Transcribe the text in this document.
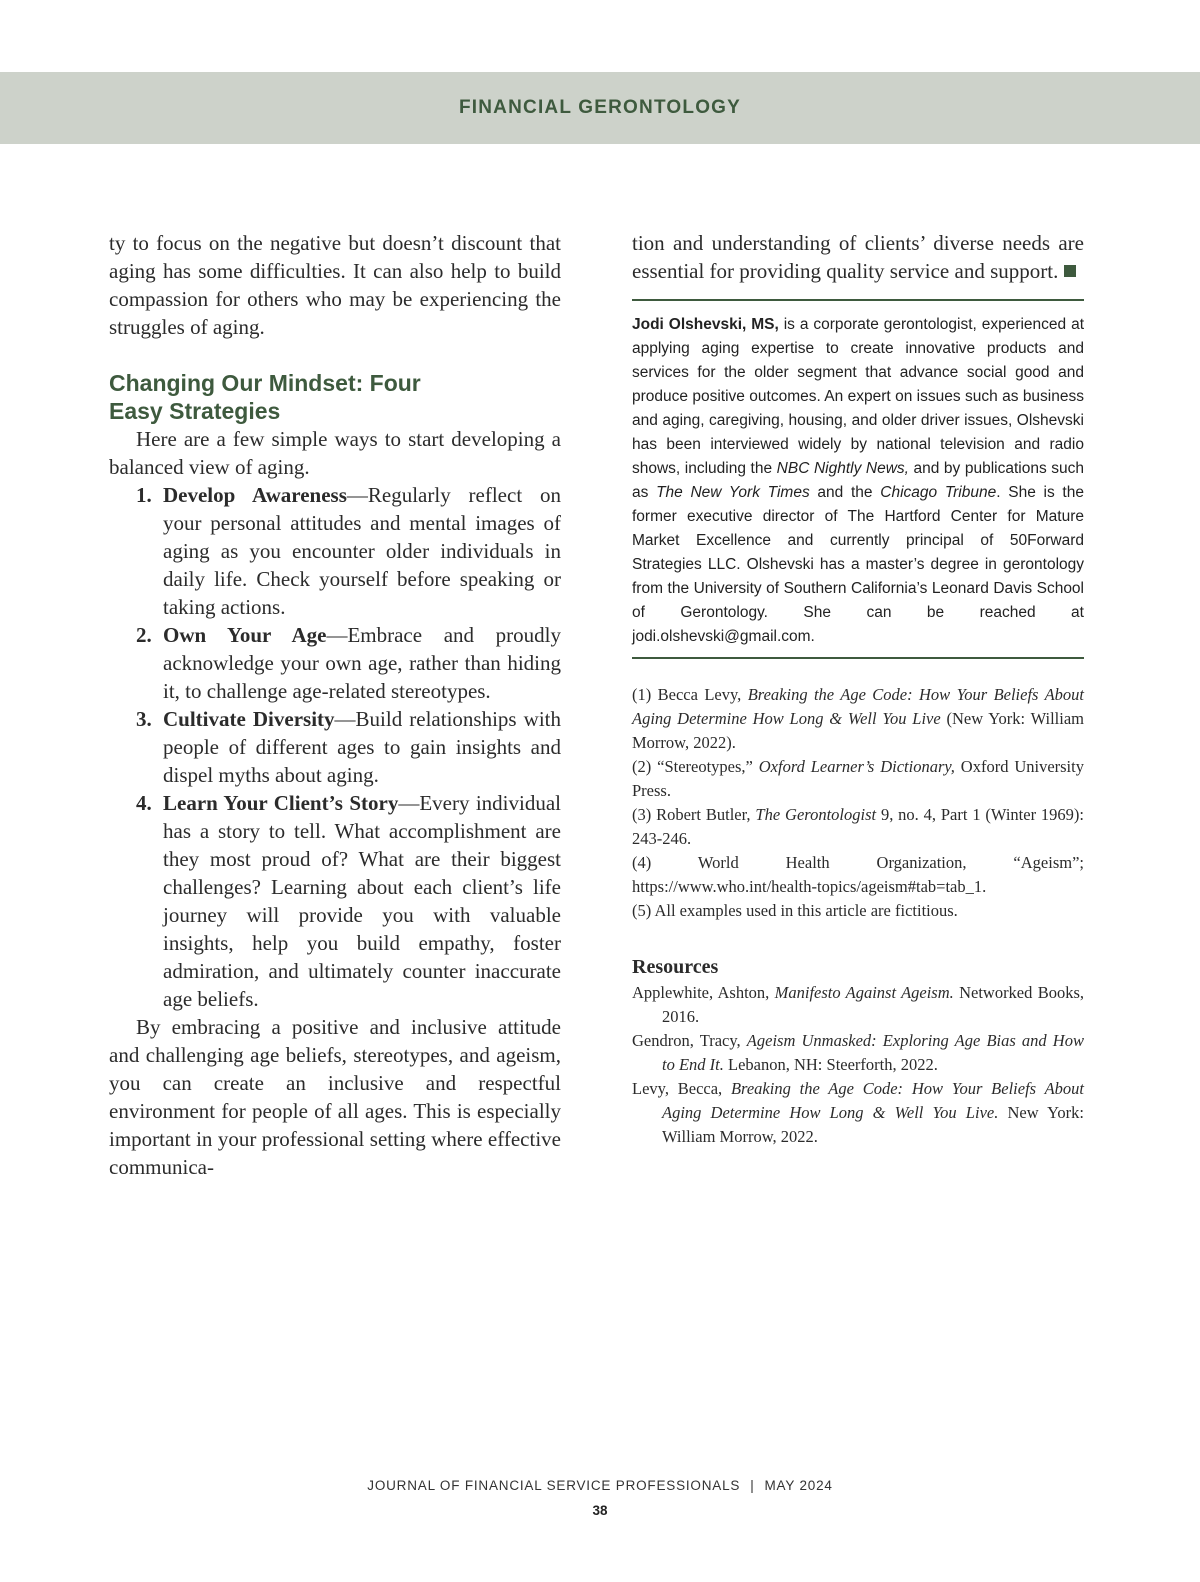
FINANCIAL GERONTOLOGY

ty to focus on the negative but doesn’t discount that aging has some difficulties. It can also help to build compassion for others who may be experiencing the struggles of aging.

Changing Our Mindset: Four
Easy Strategies

Here are a few simple ways to start developing a balanced view of aging.

1. Develop Awareness—Regularly reflect on your personal attitudes and mental images of aging as you encounter older individuals in daily life. Check yourself before speaking or taking actions.
2. Own Your Age—Embrace and proudly acknowledge your own age, rather than hiding it, to challenge age-related stereotypes.
3. Cultivate Diversity—Build relationships with people of different ages to gain insights and dispel myths about aging.
4. Learn Your Client’s Story—Every individual has a story to tell. What accomplishment are they most proud of? What are their biggest challenges? Learning about each client’s life journey will provide you with valuable insights, help you build empathy, foster admiration, and ultimately counter inaccurate age beliefs.

By embracing a positive and inclusive attitude and challenging age beliefs, stereotypes, and ageism, you can create an inclusive and respectful environment for people of all ages. This is especially important in your professional setting where effective communica-

tion and understanding of clients’ diverse needs are essential for providing quality service and support.

Jodi Olshevski, MS, is a corporate gerontologist, experienced at applying aging expertise to create innovative products and services for the older segment that advance social good and produce positive outcomes. An expert on issues such as business and aging, caregiving, housing, and older driver issues, Olshevski has been interviewed widely by national television and radio shows, including the NBC Nightly News, and by publications such as The New York Times and the Chicago Tribune. She is the former executive director of The Hartford Center for Mature Market Excellence and currently principal of 50Forward Strategies LLC. Olshevski has a master’s degree in gerontology from the University of Southern California’s Leonard Davis School of Gerontology. She can be reached at jodi.olshevski@gmail.com.

(1) Becca Levy, Breaking the Age Code: How Your Beliefs About Aging Determine How Long & Well You Live (New York: William Morrow, 2022).
(2) “Stereotypes,” Oxford Learner’s Dictionary, Oxford University Press.
(3) Robert Butler, The Gerontologist 9, no. 4, Part 1 (Winter 1969): 243-246.
(4) World Health Organization, “Ageism”; https://www.who.int/health-topics/ageism#tab=tab_1.
(5) All examples used in this article are fictitious.
Resources
Applewhite, Ashton, Manifesto Against Ageism. Networked Books, 2016.
Gendron, Tracy, Ageism Unmasked: Exploring Age Bias and How to End It. Lebanon, NH: Steerforth, 2022.
Levy, Becca, Breaking the Age Code: How Your Beliefs About Aging Determine How Long & Well You Live. New York: William Morrow, 2022.
JOURNAL OF FINANCIAL SERVICE PROFESSIONALS | MAY 2024
38
